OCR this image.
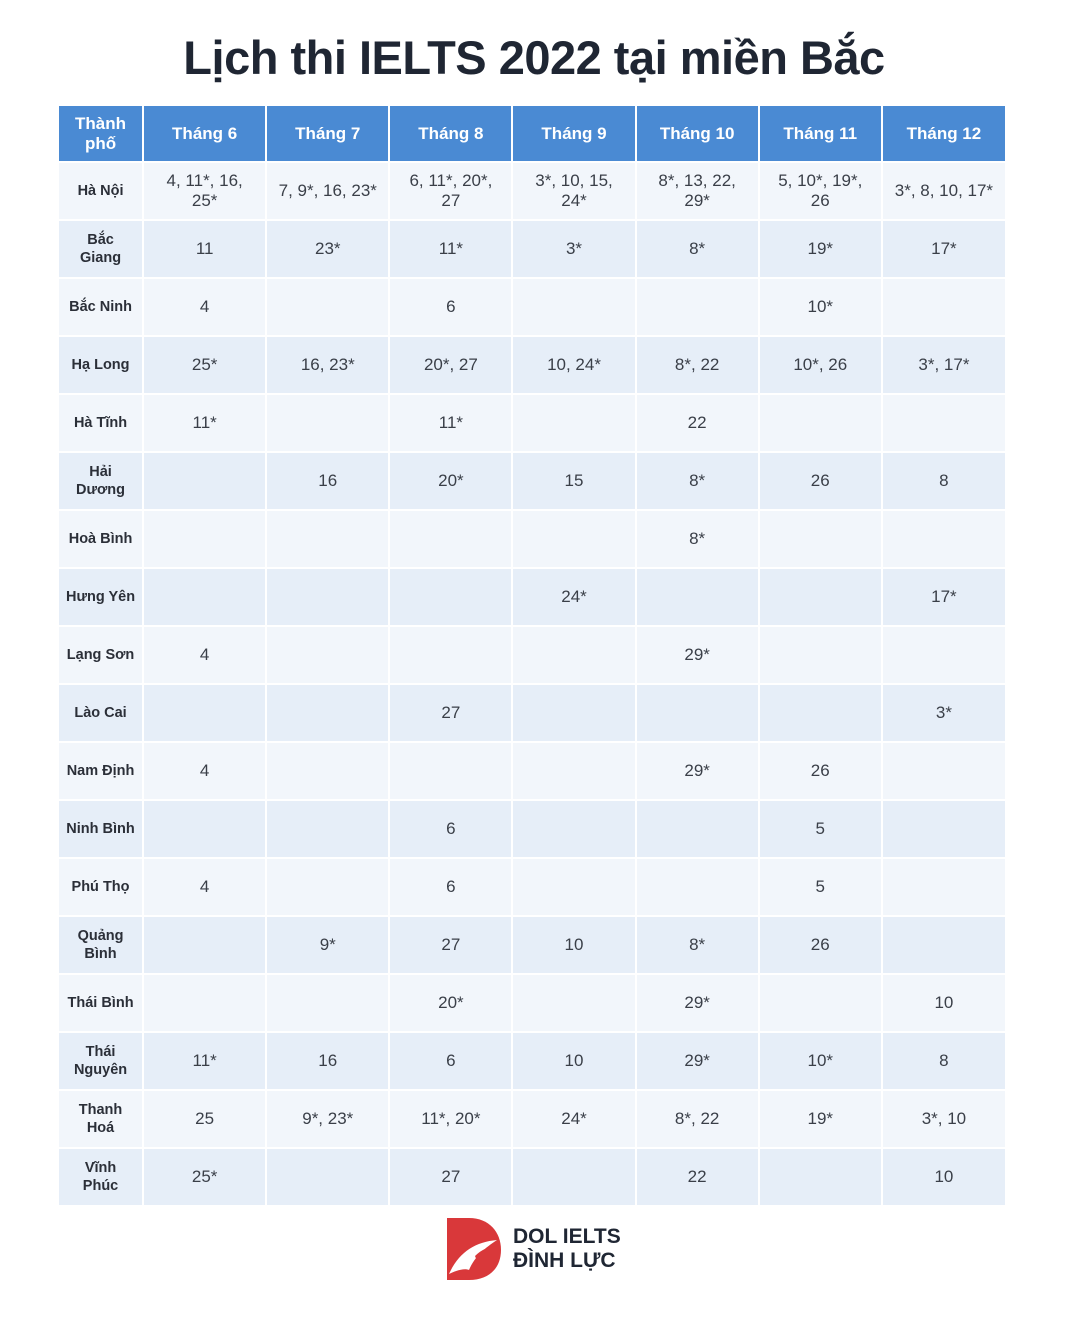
Lịch thi IELTS 2022 tại miền Bắc
Thành phố	Tháng 6	Tháng 7	Tháng 8	Tháng 9	Tháng 10	Tháng 11	Tháng 12
Hà Nội	4, 11*, 16, 25*	7, 9*, 16, 23*	6, 11*, 20*, 27	3*, 10, 15, 24*	8*, 13, 22, 29*	5, 10*, 19*, 26	3*, 8, 10, 17*
Bắc Giang	11	23*	11*	3*	8*	19*	17*
Bắc Ninh	4		6			10*	
Hạ Long	25*	16, 23*	20*, 27	10, 24*	8*, 22	10*, 26	3*, 17*
Hà Tĩnh	11*		11*		22		
Hải Dương		16	20*	15	8*	26	8
Hoà Bình					8*		
Hưng Yên				24*			17*
Lạng Sơn	4				29*		
Lào Cai			27				3*
Nam Định	4				29*	26	
Ninh Bình			6			5	
Phú Thọ	4		6			5	
Quảng Bình		9*	27	10	8*	26	
Thái Bình			20*		29*		10
Thái Nguyên	11*	16	6	10	29*	10*	8
Thanh Hoá	25	9*, 23*	11*, 20*	24*	8*, 22	19*	3*, 10
Vĩnh Phúc	25*		27		22		10
DOL IELTS
ĐÌNH LỰC
